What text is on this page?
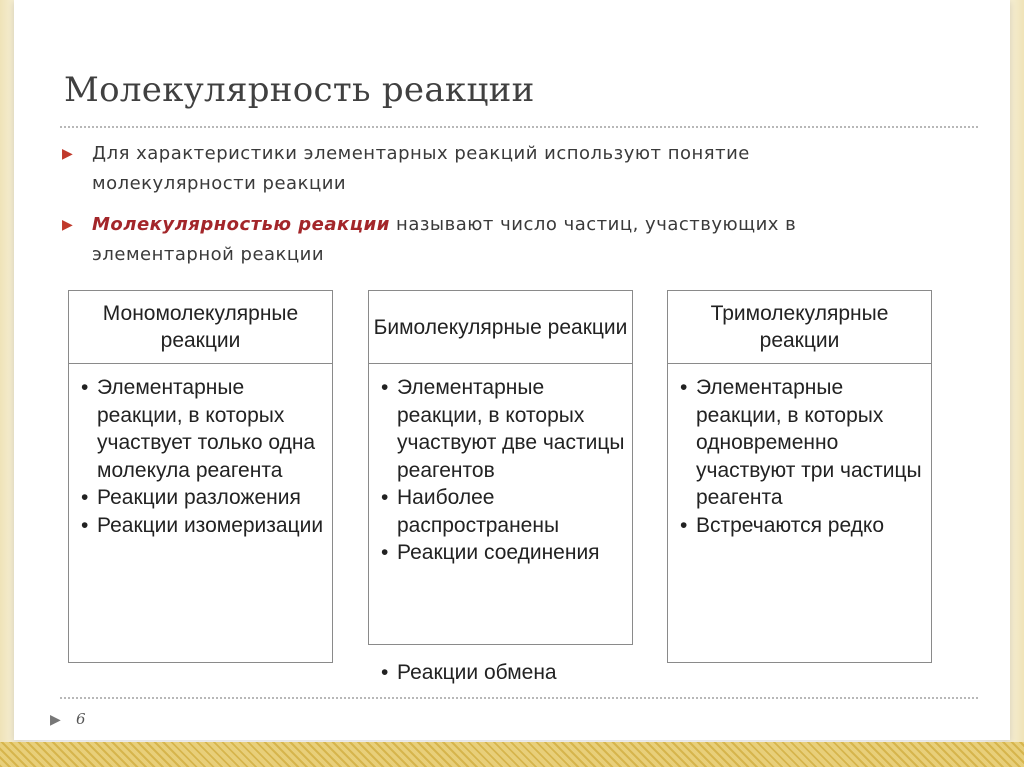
Молекулярность реакции
▶ Для характеристики элементарных реакций используют понятие молекулярности реакции
▶ Молекулярностью реакции называют число частиц, участвующих в элементарной реакции
Мономолекулярные реакции
• Элементарные реакции, в которых участвует только одна молекула реагента
• Реакции разложения
• Реакции изомеризации
Бимолекулярные реакции
• Элементарные реакции, в которых участвуют две частицы реагентов
• Наиболее распространены
• Реакции соединения
• Реакции обмена
Тримолекулярные реакции
• Элементарные реакции, в которых одновременно участвуют три частицы реагента
• Встречаются редко
▶ 6
